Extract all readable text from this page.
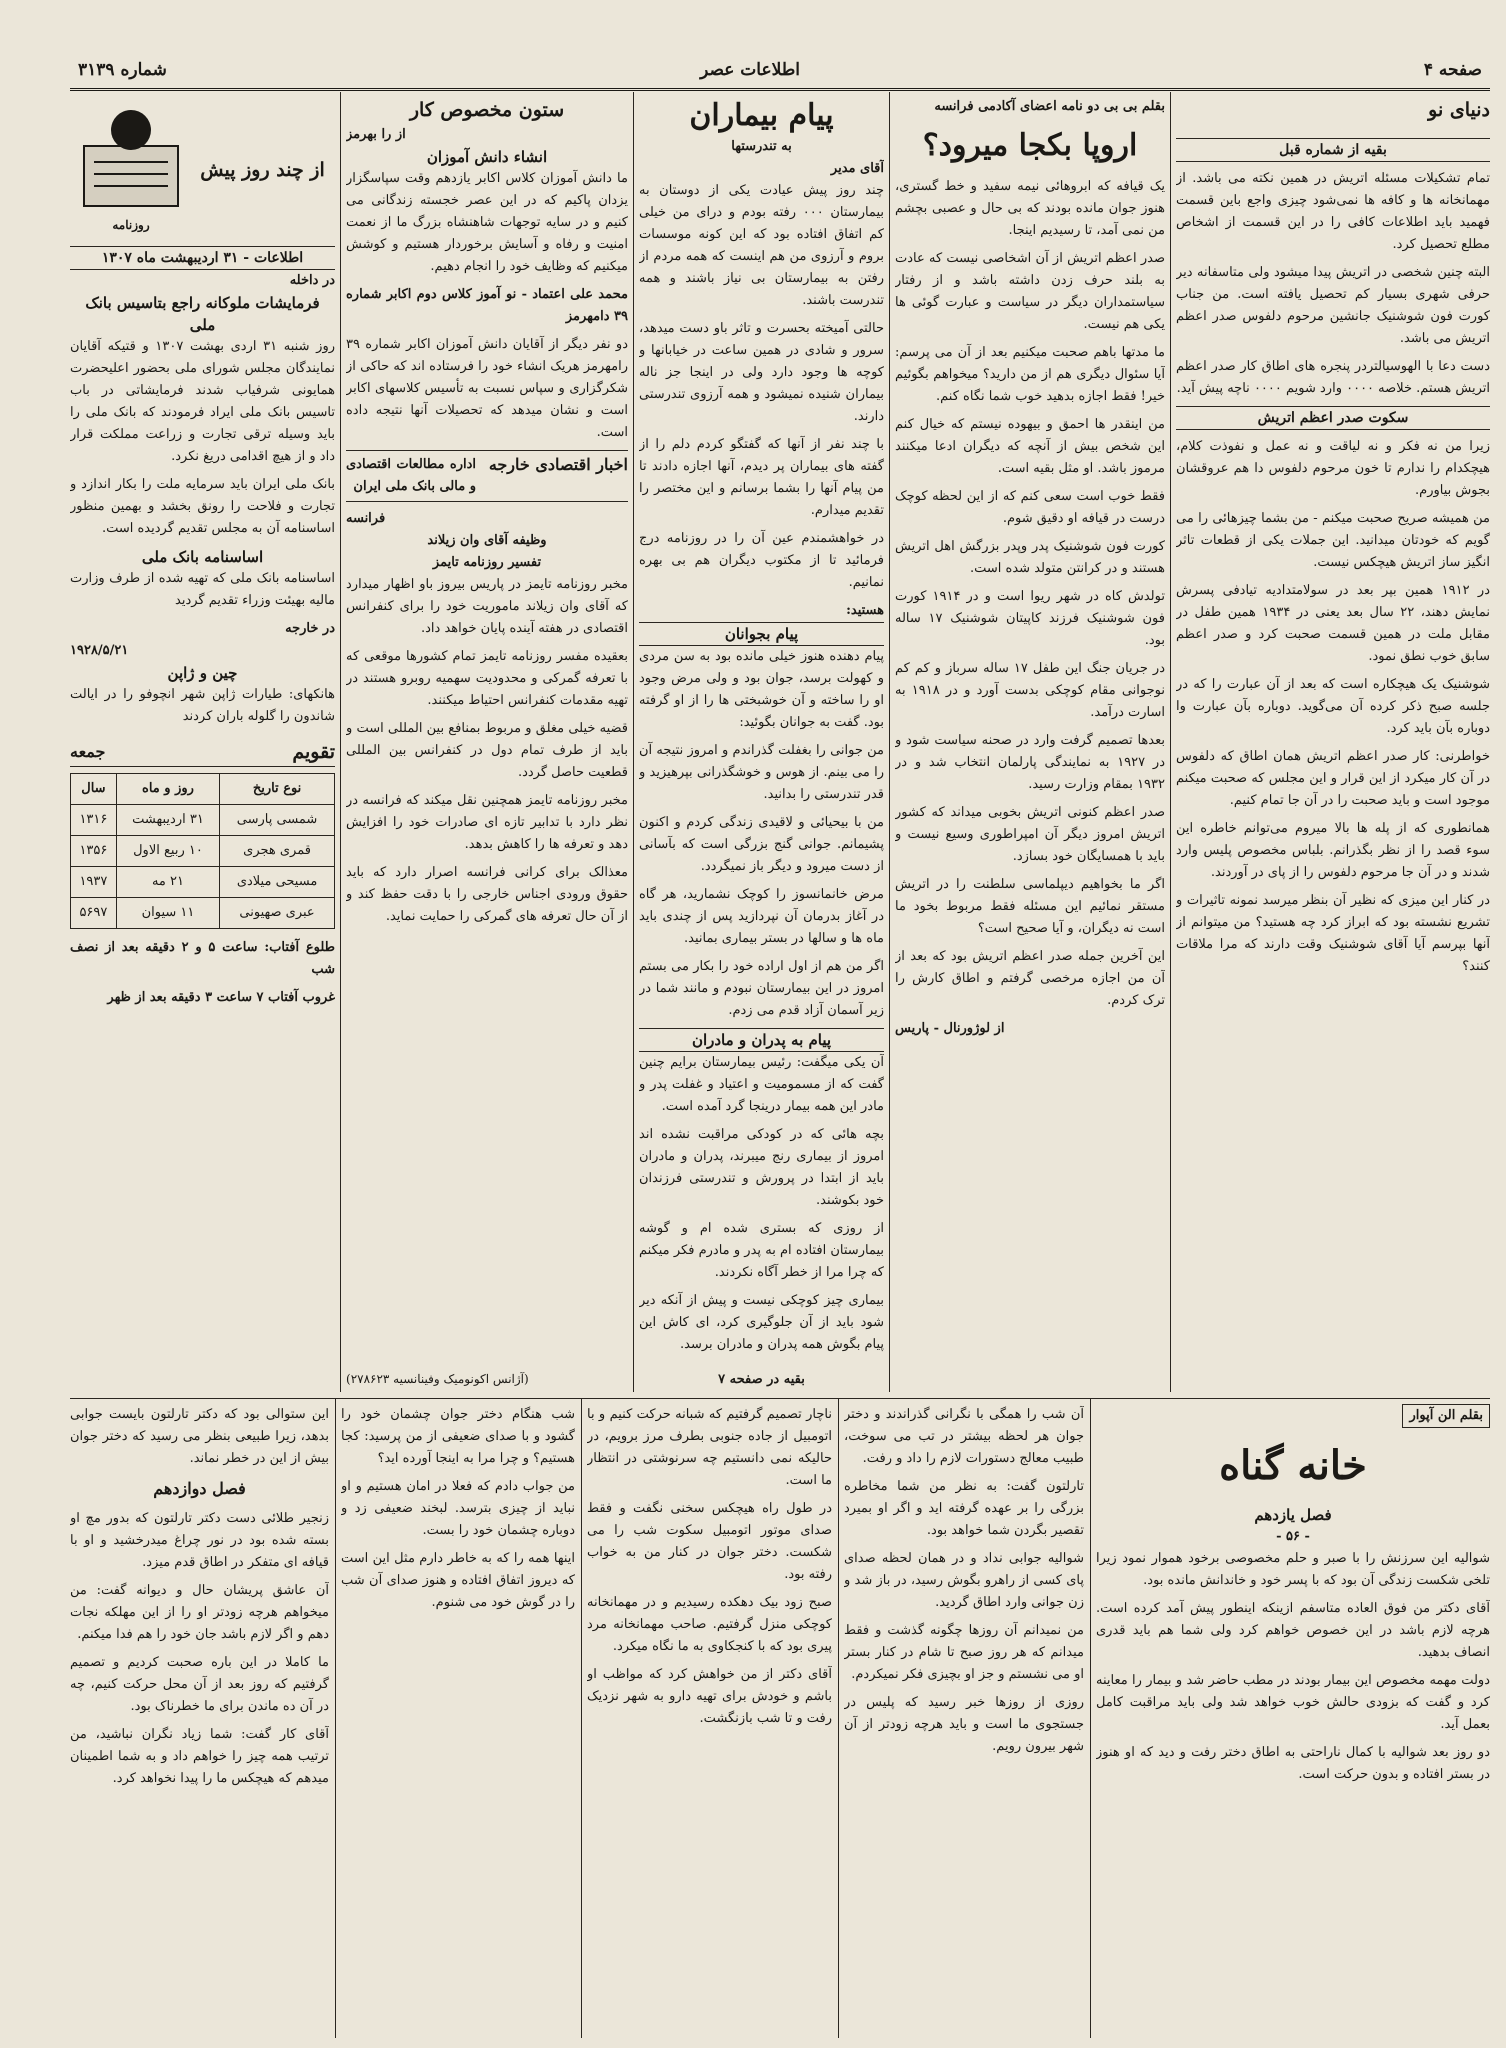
صفحه ۴
اطلاعات عصر
شماره ۳۱۳۹
دنیای نو
بقیه از شماره قبل

تمام تشکیلات مسئله اتریش در همین نکته می باشد. از مهمانخانه ها و کافه ها نمی‌شود چیزی واجع باین قسمت فهمید باید اطلاعات کافی را در این قسمت از اشخاص مطلع تحصیل کرد.

البته چنین شخصی در اتریش پیدا میشود ولی متاسفانه دیر حرفی شهری بسیار کم تحصیل یافته است. من جناب کورت فون شوشنیک جانشین مرحوم دلفوس صدر اعظم اتریش می باشد.

دست دعا با الهوسیالتردر پنجره های اطاق کار صدر اعظم اتریش هستم. خلاصه ۰۰۰۰ وارد شویم ۰۰۰۰ ناچه پیش آید.

سکوت صدر اعظم اتریش

زیرا من نه فکر و نه لیاقت و نه عمل و نفوذت کلام، هیچکدام را ندارم تا خون مرحوم دلفوس دا هم عروقشان بجوش بیاورم.

من همیشه صریح صحبت میکنم - من بشما چیزهائی را می گویم که خودتان میدانید. این جملات یکی از قطعات تاثر انگیز ساز اتریش هیچکس نیست.

در ۱۹۱۲ همین بپر بعد در سولامتدادیه تیادفی پسرش نمایش دهند، ۲۲ سال بعد یعنی در ۱۹۳۴ همین طفل در مقابل ملت در همین قسمت صحبت کرد و صدر اعظم سابق خوب نطق نمود.

شوشنیک یک هیچکاره است که بعد از آن عبارت را که در جلسه صبح ذکر کرده آن می‌گوید. دوباره بآن عبارت وا دوباره بآن باید کرد.

خواطرنی: کار صدر اعظم اتریش همان اطاق که دلفوس در آن کار میکرد از این قرار و این مجلس که صحبت میکنم موجود است و باید صحبت را در آن جا تمام کنیم.

همانطوری که از پله ها بالا میروم می‌توانم خاطره این سوء قصد را از نظر بگذرانم. بلباس مخصوص پلیس وارد شدند و در آن جا مرحوم دلفوس را از پای در آوردند.

در کنار این میزی که نظیر آن بنظر میرسد نمونه تاثیرات و تشریع نشسته بود که ابراز کرد چه هستید؟ من میتوانم از آنها بپرسم آیا آقای شوشنیک وقت دارند که مرا ملاقات کنند؟

بقلم بی بی دو نامه اعضای آکادمی فرانسه
اروپا بکجا میرود؟

یک قیافه که ابروهائی نیمه سفید و خط گستری، هنوز جوان مانده بودند که بی حال و عصبی بچشم من نمی آمد، تا رسیدیم اینجا.

صدر اعظم اتریش از آن اشخاصی نیست که عادت به بلند حرف زدن داشته باشد و از رفتار سیاستمداران دیگر در سیاست و عبارت گوئی ها یکی هم نیست.

ما مدتها باهم صحبت میکنیم بعد از آن می پرسم: آیا سئوال دیگری هم از من دارید؟ میخواهم بگوئیم خیر! فقط اجازه بدهید خوب شما نگاه کنم.

من اینقدر ها احمق و بیهوده نیستم که خیال کنم این شخص بیش از آنچه که دیگران ادعا میکنند مرموز باشد. او مثل بقیه است.

فقط خوب است سعی کنم که از این لحظه کوچک درست در قیافه او دقیق شوم.

کورت فون شوشنیک پدر وپدر بزرگش اهل اتریش هستند و در کرانتن متولد شده است.

تولدش کاه در شهر ریوا است و در ۱۹۱۴ کورت فون شوشنیک فرزند کاپیتان شوشنیک ۱۷ ساله بود.

در جریان جنگ این طفل ۱۷ ساله سرباز و کم کم نوجوانی مقام کوچکی بدست آورد و در ۱۹۱۸ به اسارت درآمد.

بعدها تصمیم گرفت وارد در صحنه سیاست شود و در ۱۹۲۷ به نمایندگی پارلمان انتخاب شد و در ۱۹۳۲ بمقام وزارت رسید.

صدر اعظم کنونی اتریش بخوبی میداند که کشور اتریش امروز دیگر آن امپراطوری وسیع نیست و باید با همسایگان خود بسازد.

اگر ما بخواهیم دیپلماسی سلطنت را در اتریش مستقر نمائیم این مسئله فقط مربوط بخود ما است نه دیگران، و آیا صحیح است؟

این آخرین جمله صدر اعظم اتریش بود که بعد از آن من اجازه مرخصی گرفتم و اطاق کارش را ترک کردم.

از لوژورنال - پاریس
پیام بیماران
به تندرستها
آقای مدیر

چند روز پیش عیادت یکی از دوستان به بیمارستان ۰۰۰ رفته بودم و درای من خیلی کم اتفاق افتاده بود که این کونه موسسات بروم و آرزوی من هم اینست که همه مردم از رفتن به بیمارستان بی نیاز باشند و همه تندرست باشند.

حالتی آمیخته بحسرت و تاثر باو دست میدهد، سرور و شادی در همین ساعت در خیابانها و کوچه ها وجود دارد ولی در اینجا جز ناله بیماران شنیده نمیشود و همه آرزوی تندرستی دارند.

با چند نفر از آنها که گفتگو کردم دلم را از گفته های بیماران پر دیدم، آنها اجازه دادند تا من پیام آنها را بشما برسانم و این مختصر را تقدیم میدارم.

در خواهشمندم عین آن را در روزنامه درج فرمائید تا از مکتوب دیگران هم بی بهره نمانیم.

هستید:
پیام بجوانان

پیام دهنده هنوز خیلی مانده بود به سن مردی و کهولت برسد، جوان بود و ولی مرض وجود او را ساخته و آن خوشبختی ها را از او گرفته بود. گفت به جوانان بگوئید:

من جوانی را بغفلت گذراندم و امروز نتیجه آن را می بینم. از هوس و خوشگذرانی بپرهیزید و قدر تندرستی را بدانید.

من با بیحیائی و لاقیدی زندگی کردم و اکنون پشیمانم. جوانی گنج بزرگی است که بآسانی از دست میرود و دیگر باز نمیگردد.

مرض خانمانسوز را کوچک نشمارید، هر گاه در آغاز بدرمان آن نپردازید پس از چندی باید ماه ها و سالها در بستر بیماری بمانید.

اگر من هم از اول اراده خود را بکار می بستم امروز در این بیمارستان نبودم و مانند شما در زیر آسمان آزاد قدم می زدم.

پیام به پدران و مادران

آن یکی میگفت: رئیس بیمارستان برایم چنین گفت که از مسمومیت و اعتیاد و غفلت پدر و مادر این همه بیمار درینجا گرد آمده است.

بچه هائی که در کودکی مراقبت نشده اند امروز از بیماری رنج میبرند، پدران و مادران باید از ابتدا در پرورش و تندرستی فرزندان خود بکوشند.

از روزی که بستری شده ام و گوشه بیمارستان افتاده ام به پدر و مادرم فکر میکنم که چرا مرا از خطر آگاه نکردند.

بیماری چیز کوچکی نیست و پیش از آنکه دیر شود باید از آن جلوگیری کرد، ای کاش این پیام بگوش همه پدران و مادران برسد.

بقیه در صفحه ۷
ستون مخصوص کار
از را بهرمز
انشاء دانش آموزان

ما دانش آموزان کلاس اکابر یازدهم وقت سپاسگزار یزدان پاکیم که در این عصر خجسته زندگانی می کنیم و در سایه توجهات شاهنشاه بزرگ ما از نعمت امنیت و رفاه و آسایش برخوردار هستیم و کوشش میکنیم که وظایف خود را انجام دهیم.

محمد علی اعتماد - نو آموز کلاس دوم اکابر شماره ۳۹ دامهرمز

دو نفر دیگر از آقایان دانش آموزان اکابر شماره ۳۹ رامهرمز هریک انشاء خود را فرستاده اند که حاکی از شکرگزاری و سپاس نسبت به تأسیس کلاسهای اکابر است و نشان میدهد که تحصیلات آنها نتیجه داده است.

اخبار اقتصادی خارجه
اداره مطالعات اقتصادی و مالی بانک ملی ایران
فرانسه
وظیفه آقای وان زیلاند
تفسیر روزنامه تایمز

مخبر روزنامه تایمز در پاریس بیروز باو اظهار میدارد که آقای وان زیلاند ماموریت خود را برای کنفرانس اقتصادی در هفته آینده پایان خواهد داد.

بعقیده مفسر روزنامه تایمز تمام کشورها موقعی که با تعرفه گمرکی و محدودیت سهمیه روبرو هستند در تهیه مقدمات کنفرانس احتیاط میکنند.

قضیه خیلی مغلق و مربوط بمنافع بین المللی است و باید از طرف تمام دول در کنفرانس بین المللی قطعیت حاصل گردد.

مخبر روزنامه تایمز همچنین نقل میکند که فرانسه در نظر دارد با تدابیر تازه ای صادرات خود را افزایش دهد و تعرفه ها را کاهش بدهد.

معذالک برای کرانی فرانسه اصرار دارد که باید حقوق ورودی اجناس خارجی را با دقت حفظ کند و از آن حال تعرفه های گمرکی را حمایت نماید.

(آژانس اکونومیک وفینانسیه ۲۷۸۶۲۳)
روزنامه
از چند روز پیش
اطلاعات - ۳۱ اردیبهشت ماه ۱۳۰۷
در داخله
فرمایشات ملوکانه راجع بتاسیس بانک ملی

روز شنبه ۳۱ اردی بهشت ۱۳۰۷ و قتیکه آقایان نمایندگان مجلس شورای ملی بحضور اعلیحضرت همایونی شرفیاب شدند فرمایشاتی در باب تاسیس بانک ملی ایراد فرمودند که بانک ملی را باید وسیله ترقی تجارت و زراعت مملکت قرار داد و از هیچ اقدامی دریغ نکرد.

بانک ملی ایران باید سرمایه ملت را بکار اندازد و تجارت و فلاحت را رونق بخشد و بهمین منظور اساسنامه آن به مجلس تقدیم گردیده است.

اساسنامه بانک ملی

اساسنامه بانک ملی که تهیه شده از طرف وزارت مالیه بهیئت وزراء تقدیم گردید

در خارجه
۱۹۲۸/۵/۲۱
چین و ژاپن

هانکهای: طیارات ژاپن شهر انچوفو را در ایالت شاندون را گلوله باران کردند

تقویم
جمعه
نوع تاریخ	روز و ماه	سال
شمسی پارسی	۳۱ اردیبهشت	۱۳۱۶
قمری هجری	۱۰ ربیع الاول	۱۳۵۶
مسیحی میلادی	۲۱ مه	۱۹۳۷
عبری صهیونی	۱۱ سیوان	۵۶۹۷

طلوع آفتاب: ساعت ۵ و ۲ دقیقه بعد از نصف شب

غروب آفتاب ۷ ساعت ۳ دقیقه بعد از ظهر

بقلم الن آپوار
خانه گناه
فصل یازدهم
- ۵۶ -

شوالیه این سرزنش را با صبر و حلم مخصوصی برخود هموار نمود زیرا تلخی شکست زندگی آن بود که با پسر خود و خاندانش مانده بود.

آقای دکتر من فوق العاده متاسفم ازینکه اینطور پیش آمد کرده است. هرچه لازم باشد در این خصوص خواهم کرد ولی شما هم باید قدری انصاف بدهید.

دولت مهمه مخصوص این بیمار بودند در مطب حاضر شد و بیمار را معاینه کرد و گفت که بزودی حالش خوب خواهد شد ولی باید مراقبت کامل بعمل آید.

دو روز بعد شوالیه با کمال ناراحتی به اطاق دختر رفت و دید که او هنوز در بستر افتاده و بدون حرکت است.

آن شب را همگی با نگرانی گذراندند و دختر جوان هر لحظه بیشتر در تب می سوخت، طبیب معالج دستورات لازم را داد و رفت.

تارلتون گفت: به نظر من شما مخاطره بزرگی را بر عهده گرفته اید و اگر او بمیرد تقصیر بگردن شما خواهد بود.

شوالیه جوابی نداد و در همان لحظه صدای پای کسی از راهرو بگوش رسید، در باز شد و زن جوانی وارد اطاق گردید.

من نمیدانم آن روزها چگونه گذشت و فقط میدانم که هر روز صبح تا شام در کنار بستر او می نشستم و جز او بچیزی فکر نمیکردم.

روزی از روزها خبر رسید که پلیس در جستجوی ما است و باید هرچه زودتر از آن شهر بیرون رویم.

ناچار تصمیم گرفتیم که شبانه حرکت کنیم و با اتومبیل از جاده جنوبی بطرف مرز برویم، در حالیکه نمی دانستیم چه سرنوشتی در انتظار ما است.

در طول راه هیچکس سخنی نگفت و فقط صدای موتور اتومبیل سکوت شب را می شکست. دختر جوان در کنار من به خواب رفته بود.

صبح زود بیک دهکده رسیدیم و در مهمانخانه کوچکی منزل گرفتیم. صاحب مهمانخانه مرد پیری بود که با کنجکاوی به ما نگاه میکرد.

آقای دکتر از من خواهش کرد که مواظب او باشم و خودش برای تهیه دارو به شهر نزدیک رفت و تا شب بازنگشت.

شب هنگام دختر جوان چشمان خود را گشود و با صدای ضعیفی از من پرسید: کجا هستیم؟ و چرا مرا به اینجا آورده اید؟

من جواب دادم که فعلا در امان هستیم و او نباید از چیزی بترسد. لبخند ضعیفی زد و دوباره چشمان خود را بست.

اینها همه را که به خاطر دارم مثل این است که دیروز اتفاق افتاده و هنوز صدای آن شب را در گوش خود می شنوم.

این ستوالی بود که دکتر تارلتون بایست جوابی بدهد، زیرا طبیعی بنظر می رسید که دختر جوان بیش از این در خطر نماند.

فصل دوازدهم

زنجیر طلائی دست دکتر تارلتون که بدور مچ او بسته شده بود در نور چراغ میدرخشید و او با قیافه ای متفکر در اطاق قدم میزد.

آن عاشق پریشان حال و دیوانه گفت: من میخواهم هرچه زودتر او را از این مهلکه نجات دهم و اگر لازم باشد جان خود را هم فدا میکنم.

ما کاملا در این باره صحبت کردیم و تصمیم گرفتیم که روز بعد از آن محل حرکت کنیم، چه در آن ده ماندن برای ما خطرناک بود.

آقای کار گفت: شما زیاد نگران نباشید، من ترتیب همه چیز را خواهم داد و به شما اطمینان میدهم که هیچکس ما را پیدا نخواهد کرد.
